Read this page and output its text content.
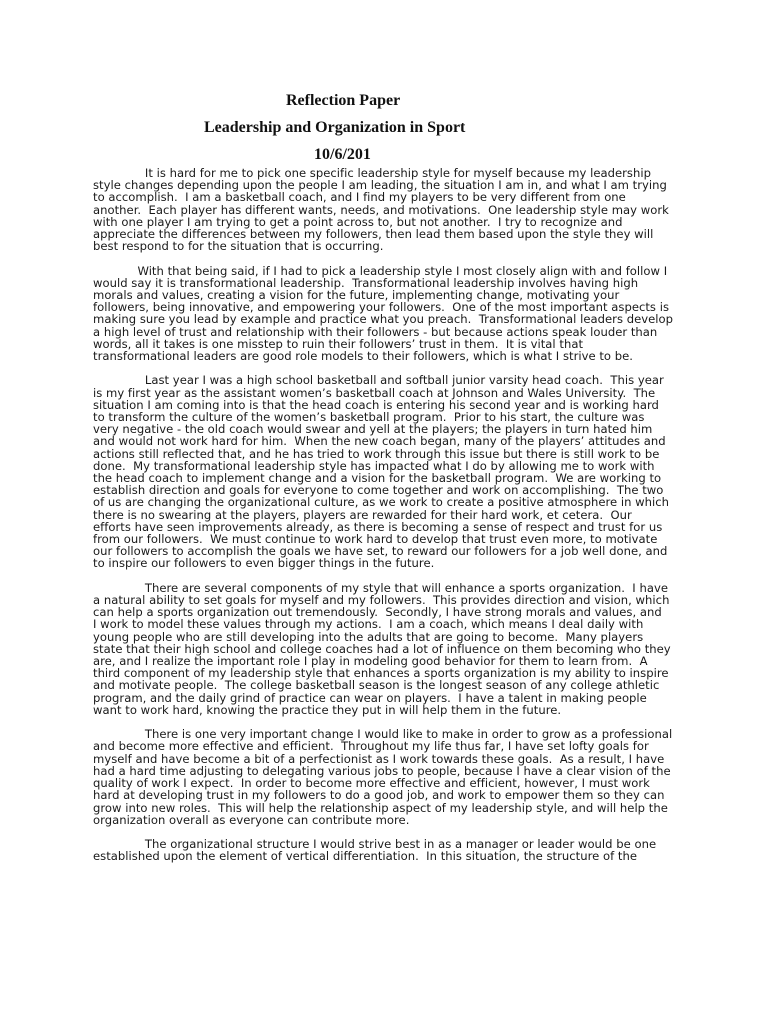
Reflection Paper
Leadership and Organization in Sport
10/6/201
It is hard for me to pick one specific leadership style for myself because my leadership
style changes depending upon the people I am leading, the situation I am in, and what I am trying
to accomplish.  I am a basketball coach, and I find my players to be very different from one
another.  Each player has different wants, needs, and motivations.  One leadership style may work
with one player I am trying to get a point across to, but not another.  I try to recognize and
appreciate the differences between my followers, then lead them based upon the style they will
best respond to for the situation that is occurring.
With that being said, if I had to pick a leadership style I most closely align with and follow I
would say it is transformational leadership.  Transformational leadership involves having high
morals and values, creating a vision for the future, implementing change, motivating your
followers, being innovative, and empowering your followers.  One of the most important aspects is
making sure you lead by example and practice what you preach.  Transformational leaders develop
a high level of trust and relationship with their followers - but because actions speak louder than
words, all it takes is one misstep to ruin their followers’ trust in them.  It is vital that
transformational leaders are good role models to their followers, which is what I strive to be.
Last year I was a high school basketball and softball junior varsity head coach.  This year
is my first year as the assistant women’s basketball coach at Johnson and Wales University.  The
situation I am coming into is that the head coach is entering his second year and is working hard
to transform the culture of the women’s basketball program.  Prior to his start, the culture was
very negative - the old coach would swear and yell at the players; the players in turn hated him
and would not work hard for him.  When the new coach began, many of the players’ attitudes and
actions still reflected that, and he has tried to work through this issue but there is still work to be
done.  My transformational leadership style has impacted what I do by allowing me to work with
the head coach to implement change and a vision for the basketball program.  We are working to
establish direction and goals for everyone to come together and work on accomplishing.  The two
of us are changing the organizational culture, as we work to create a positive atmosphere in which
there is no swearing at the players, players are rewarded for their hard work, et cetera.  Our
efforts have seen improvements already, as there is becoming a sense of respect and trust for us
from our followers.  We must continue to work hard to develop that trust even more, to motivate
our followers to accomplish the goals we have set, to reward our followers for a job well done, and
to inspire our followers to even bigger things in the future.
There are several components of my style that will enhance a sports organization.  I have
a natural ability to set goals for myself and my followers.  This provides direction and vision, which
can help a sports organization out tremendously.  Secondly, I have strong morals and values, and
I work to model these values through my actions.  I am a coach, which means I deal daily with
young people who are still developing into the adults that are going to become.  Many players
state that their high school and college coaches had a lot of influence on them becoming who they
are, and I realize the important role I play in modeling good behavior for them to learn from.  A
third component of my leadership style that enhances a sports organization is my ability to inspire
and motivate people.  The college basketball season is the longest season of any college athletic
program, and the daily grind of practice can wear on players.  I have a talent in making people
want to work hard, knowing the practice they put in will help them in the future.
There is one very important change I would like to make in order to grow as a professional
and become more effective and efficient.  Throughout my life thus far, I have set lofty goals for
myself and have become a bit of a perfectionist as I work towards these goals.  As a result, I have
had a hard time adjusting to delegating various jobs to people, because I have a clear vision of the
quality of work I expect.  In order to become more effective and efficient, however, I must work
hard at developing trust in my followers to do a good job, and work to empower them so they can
grow into new roles.  This will help the relationship aspect of my leadership style, and will help the
organization overall as everyone can contribute more.
The organizational structure I would strive best in as a manager or leader would be one
established upon the element of vertical differentiation.  In this situation, the structure of the
